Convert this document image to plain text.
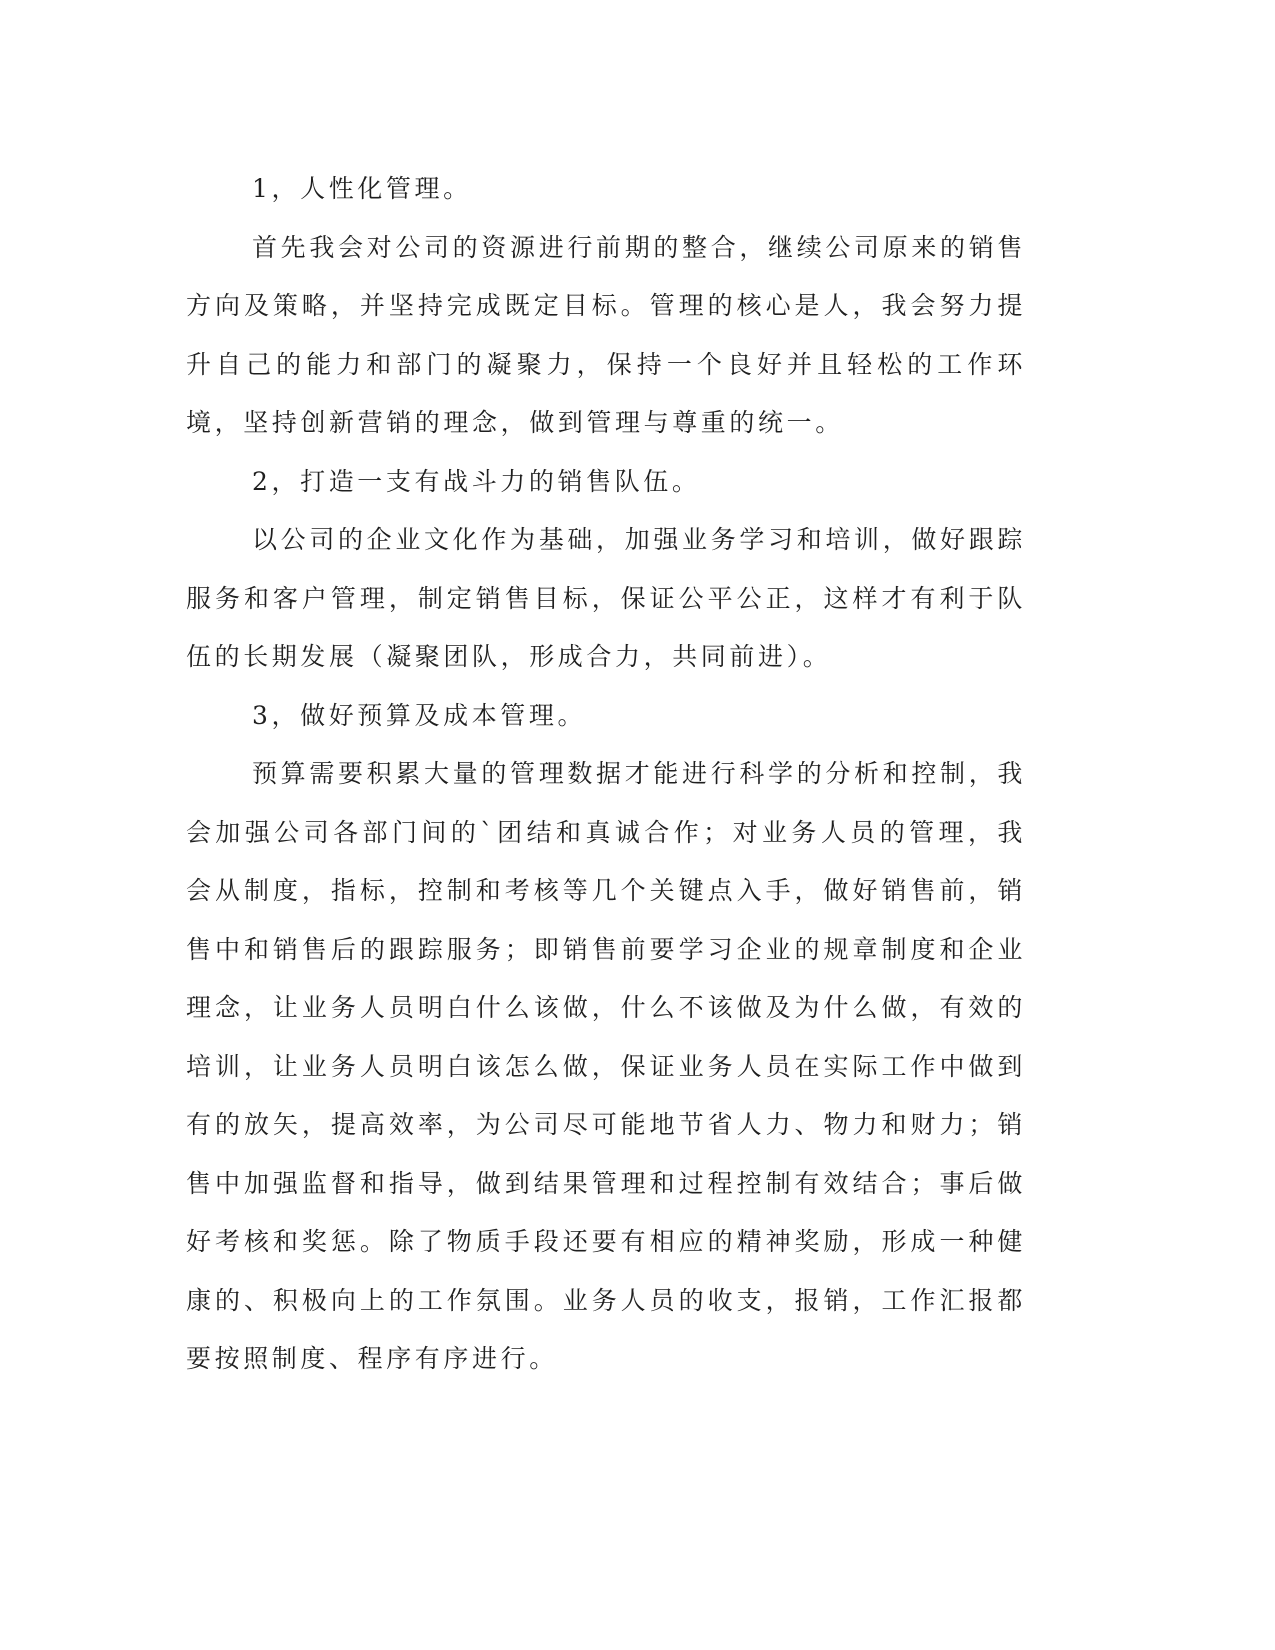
1，人性化管理。

首先我会对公司的资源进行前期的整合，继续公司原来的销售方向及策略，并坚持完成既定目标。管理的核心是人，我会努力提升自己的能力和部门的凝聚力，保持一个良好并且轻松的工作环境，坚持创新营销的理念，做到管理与尊重的统一。

2，打造一支有战斗力的销售队伍。

以公司的企业文化作为基础，加强业务学习和培训，做好跟踪服务和客户管理，制定销售目标，保证公平公正，这样才有利于队伍的长期发展（凝聚团队，形成合力，共同前进）。

3，做好预算及成本管理。

预算需要积累大量的管理数据才能进行科学的分析和控制，我会加强公司各部门间的`团结和真诚合作；对业务人员的管理，我会从制度，指标，控制和考核等几个关键点入手，做好销售前，销售中和销售后的跟踪服务；即销售前要学习企业的规章制度和企业理念，让业务人员明白什么该做，什么不该做及为什么做，有效的培训，让业务人员明白该怎么做，保证业务人员在实际工作中做到有的放矢，提高效率，为公司尽可能地节省人力、物力和财力；销售中加强监督和指导，做到结果管理和过程控制有效结合；事后做好考核和奖惩。除了物质手段还要有相应的精神奖励，形成一种健康的、积极向上的工作氛围。业务人员的收支，报销，工作汇报都要按照制度、程序有序进行。
